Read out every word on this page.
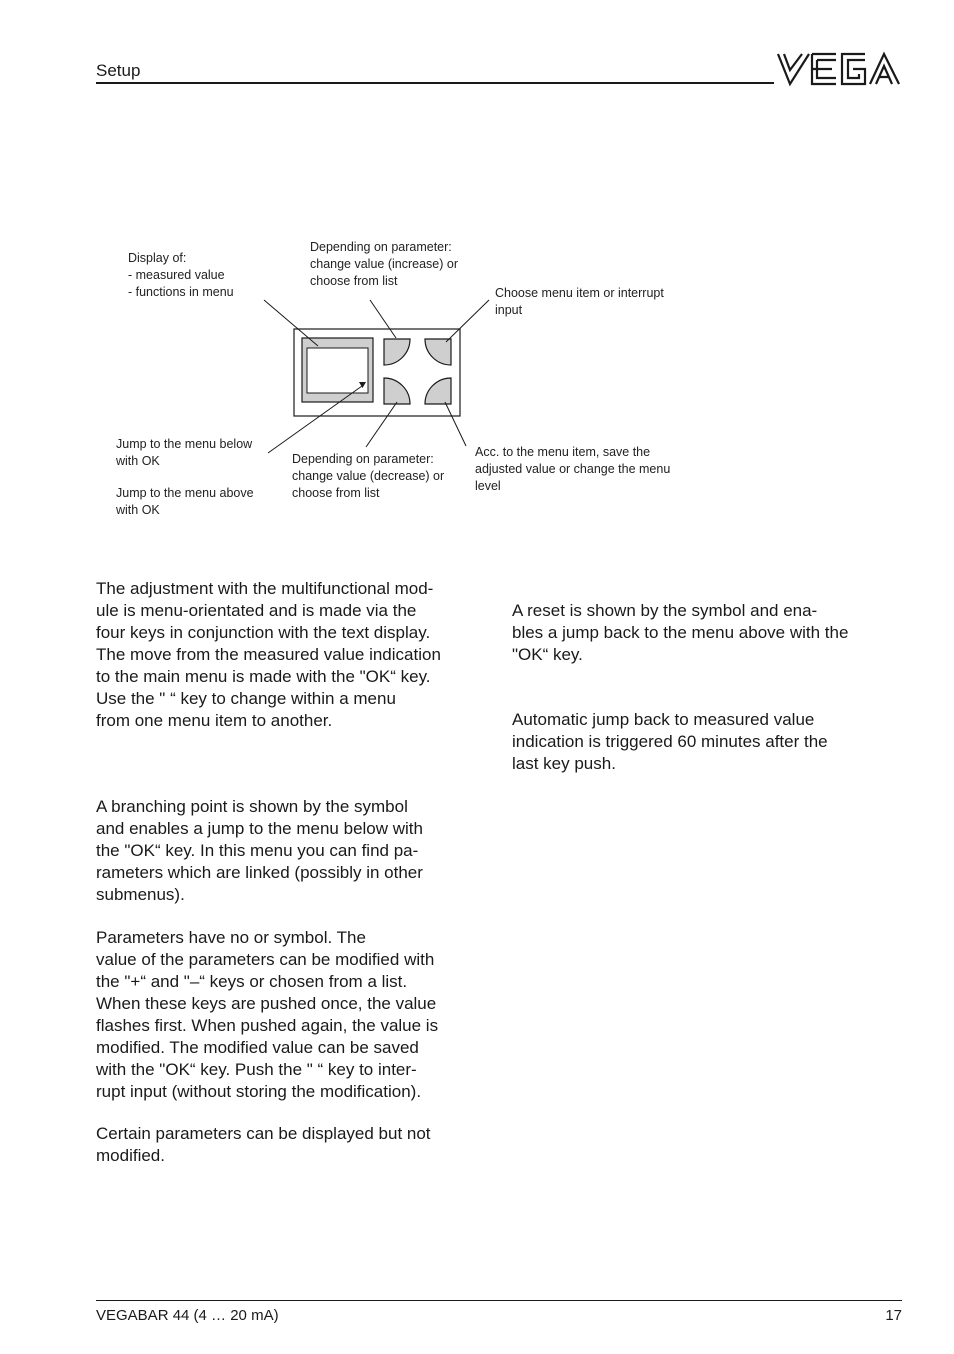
Setup
Display of:
- measured value
- functions in menu
Depending on parameter:
change value (increase) or
choose from list
Choose menu item or interrupt
input
Jump to the menu below
with OK
Jump to the menu above
with OK
Depending on parameter:
change value (decrease) or
choose from list
Acc. to the menu item, save the
adjusted value or change the menu
level

The adjustment with the multifunctional mod-

ule is menu-orientated and is made via the

four keys in conjunction with the text display.

The move from the measured value indication

to the main menu is made with the "OK“ key.

Use the " “ key to change within a menu

from one menu item to another.

A branching point is shown by the symbol

and enables a jump to the menu below with

the "OK“ key. In this menu you can find pa-

rameters which are linked (possibly in other

submenus).

Parameters have no or symbol. The

value of the parameters can be modified with

the "+“ and "–“ keys or chosen from a list.

When these keys are pushed once, the value

flashes first. When pushed again, the value is

modified. The modified value can be saved

with the "OK“ key. Push the " “ key to inter-

rupt input (without storing the modification).

Certain parameters can be displayed but not

modified.

A reset is shown by the symbol and ena-

bles a jump back to the menu above with the

"OK“ key.

Automatic jump back to measured value

indication is triggered 60 minutes after the

last key push.

VEGABAR 44 (4 … 20 mA)	17
